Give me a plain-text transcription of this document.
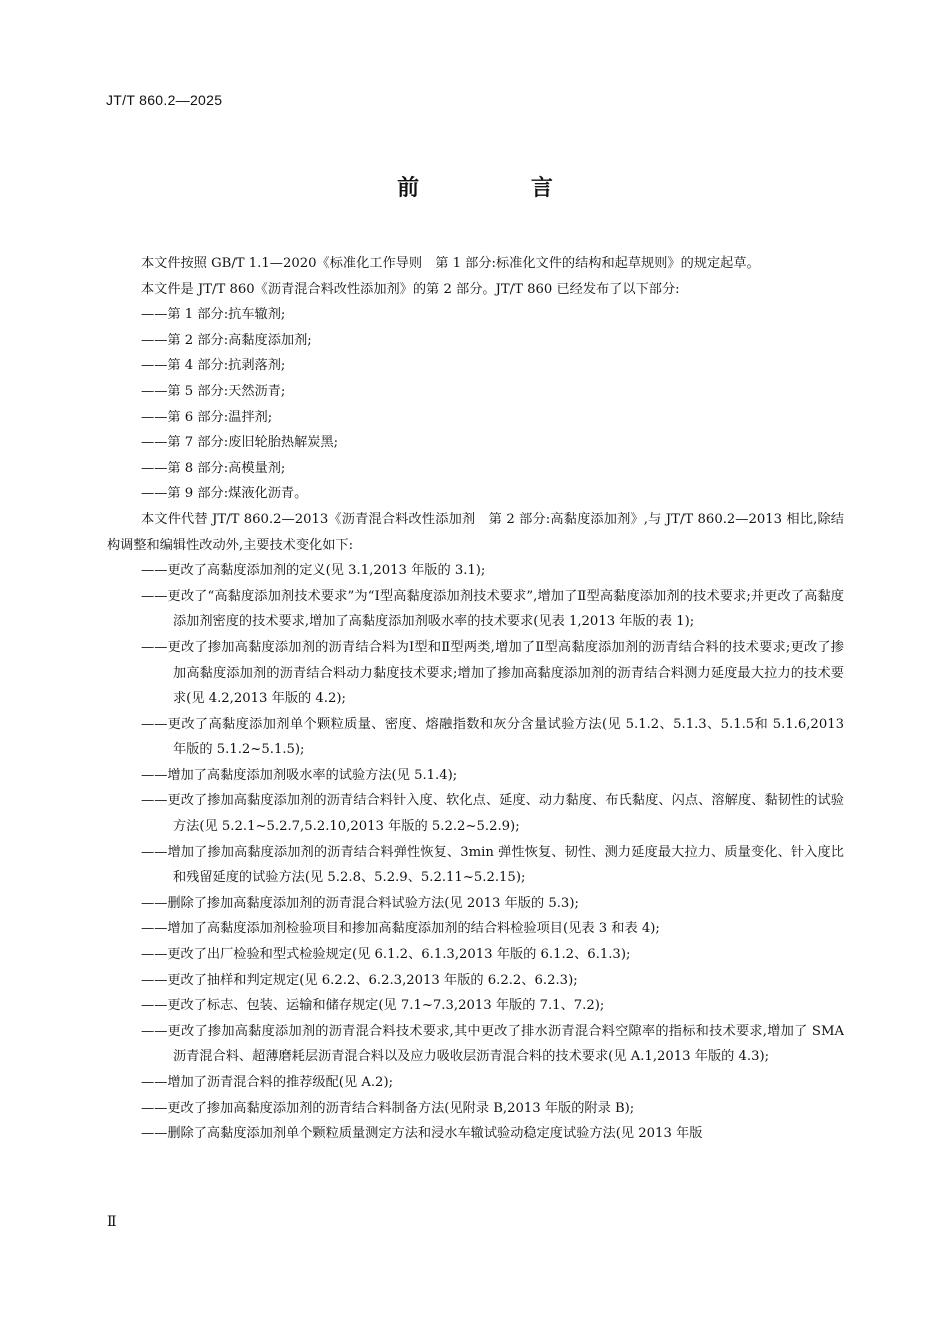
JT/T 860.2—2025
前 言

本文件按照 GB/T 1.1—2020《标准化工作导则　第 1 部分:标准化文件的结构和起草规则》的规定起草。

本文件是 JT/T 860《沥青混合料改性添加剂》的第 2 部分。JT/T 860 已经发布了以下部分:

——第 1 部分:抗车辙剂;

——第 2 部分:高黏度添加剂;

——第 4 部分:抗剥落剂;

——第 5 部分:天然沥青;

——第 6 部分:温拌剂;

——第 7 部分:废旧轮胎热解炭黑;

——第 8 部分:高模量剂;

——第 9 部分:煤液化沥青。

本文件代替 JT/T 860.2—2013《沥青混合料改性添加剂　第 2 部分:高黏度添加剂》,与 JT/T 860.2—2013 相比,除结构调整和编辑性改动外,主要技术变化如下:

——更改了高黏度添加剂的定义(见 3.1,2013 年版的 3.1);

——更改了“高黏度添加剂技术要求”为“Ⅰ型高黏度添加剂技术要求”,增加了Ⅱ型高黏度添加剂的技术要求;并更改了高黏度添加剂密度的技术要求,增加了高黏度添加剂吸水率的技术要求(见表 1,2013 年版的表 1);

——更改了掺加高黏度添加剂的沥青结合料为Ⅰ型和Ⅱ型两类,增加了Ⅱ型高黏度添加剂的沥青结合料的技术要求;更改了掺加高黏度添加剂的沥青结合料动力黏度技术要求;增加了掺加高黏度添加剂的沥青结合料测力延度最大拉力的技术要求(见 4.2,2013 年版的 4.2);

——更改了高黏度添加剂单个颗粒质量、密度、熔融指数和灰分含量试验方法(见 5.1.2、5.1.3、5.1.5和 5.1.6,2013 年版的 5.1.2~5.1.5);

——增加了高黏度添加剂吸水率的试验方法(见 5.1.4);

——更改了掺加高黏度添加剂的沥青结合料针入度、软化点、延度、动力黏度、布氏黏度、闪点、溶解度、黏韧性的试验方法(见 5.2.1~5.2.7,5.2.10,2013 年版的 5.2.2~5.2.9);

——增加了掺加高黏度添加剂的沥青结合料弹性恢复、3min 弹性恢复、韧性、测力延度最大拉力、质量变化、针入度比和残留延度的试验方法(见 5.2.8、5.2.9、5.2.11~5.2.15);

——删除了掺加高黏度添加剂的沥青混合料试验方法(见 2013 年版的 5.3);

——增加了高黏度添加剂检验项目和掺加高黏度添加剂的结合料检验项目(见表 3 和表 4);

——更改了出厂检验和型式检验规定(见 6.1.2、6.1.3,2013 年版的 6.1.2、6.1.3);

——更改了抽样和判定规定(见 6.2.2、6.2.3,2013 年版的 6.2.2、6.2.3);

——更改了标志、包装、运输和储存规定(见 7.1~7.3,2013 年版的 7.1、7.2);

——更改了掺加高黏度添加剂的沥青混合料技术要求,其中更改了排水沥青混合料空隙率的指标和技术要求,增加了 SMA 沥青混合料、超薄磨耗层沥青混合料以及应力吸收层沥青混合料的技术要求(见 A.1,2013 年版的 4.3);

——增加了沥青混合料的推荐级配(见 A.2);

——更改了掺加高黏度添加剂的沥青结合料制备方法(见附录 B,2013 年版的附录 B);

——删除了高黏度添加剂单个颗粒质量测定方法和浸水车辙试验动稳定度试验方法(见 2013 年版

Ⅱ
